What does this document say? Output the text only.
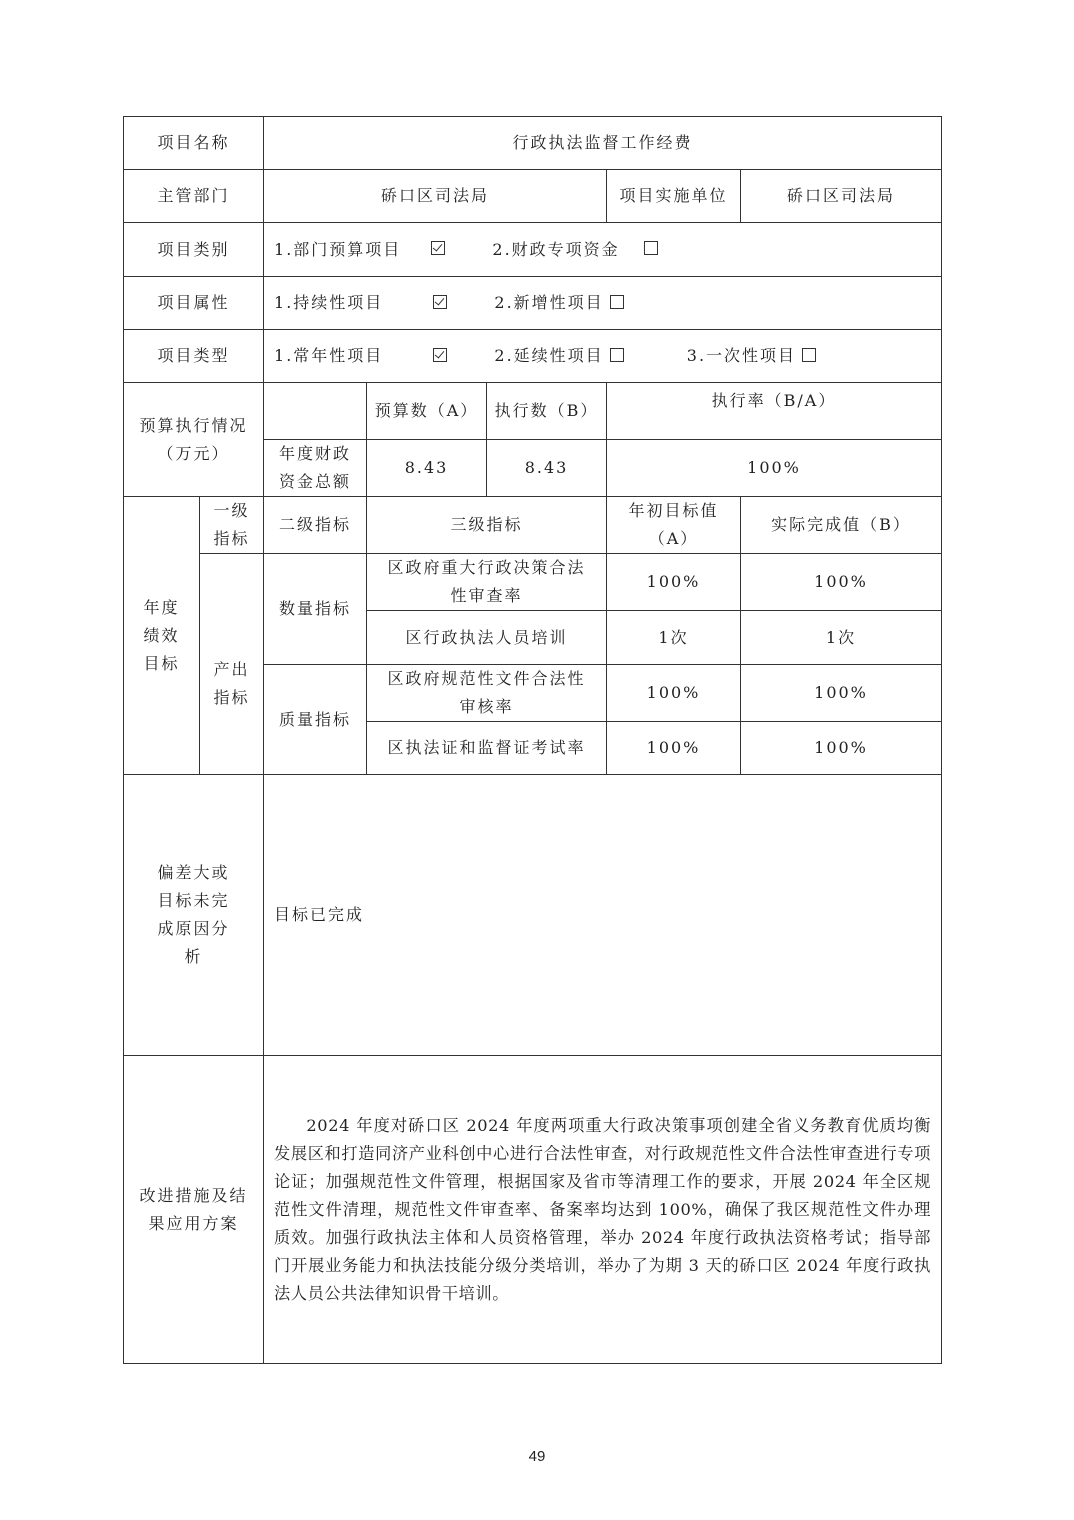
项目名称		行政执法监督工作经费				
主管部门		硚口区司法局			项目实施单位	硚口区司法局
项目类别		1.部门预算项目 2.财政专项资金				
项目属性		1.持续性项目 2.新增性项目				
项目类型		1.常年性项目 2.延续性项目 3.一次性项目				
预算执行情况（万元）			预算数（A）	执行数（B）	执行率（B/A）	
		年度财政资金总额	8.43	8.43	100%	
年度绩效目标	一级指标	二级指标	三级指标		年初目标值（A）	实际完成值（B）
	产出指标	数量指标	区政府重大行政决策合法性审查率		100%	100%
			区行政执法人员培训		1次	1次
		质量指标	区政府规范性文件合法性审核率		100%	100%
			区执法证和监督证考试率		100%	100%
偏差大或目标未完成原因分析		目标已完成				
改进措施及结果应用方案		2024 年度对硚口区 2024 年度两项重大行政决策事项创建全省义务教育优质均衡发展区和打造同济产业科创中心进行合法性审查，对行政规范性文件合法性审查进行专项论证；加强规范性文件管理，根据国家及省市等清理工作的要求，开展 2024 年全区规范性文件清理，规范性文件审查率、备案率均达到 100%，确保了我区规范性文件办理质效。加强行政执法主体和人员资格管理，举办 2024 年度行政执法资格考试；指导部门开展业务能力和执法技能分级分类培训，举办了为期 3 天的硚口区 2024 年度行政执法人员公共法律知识骨干培训。				
49
